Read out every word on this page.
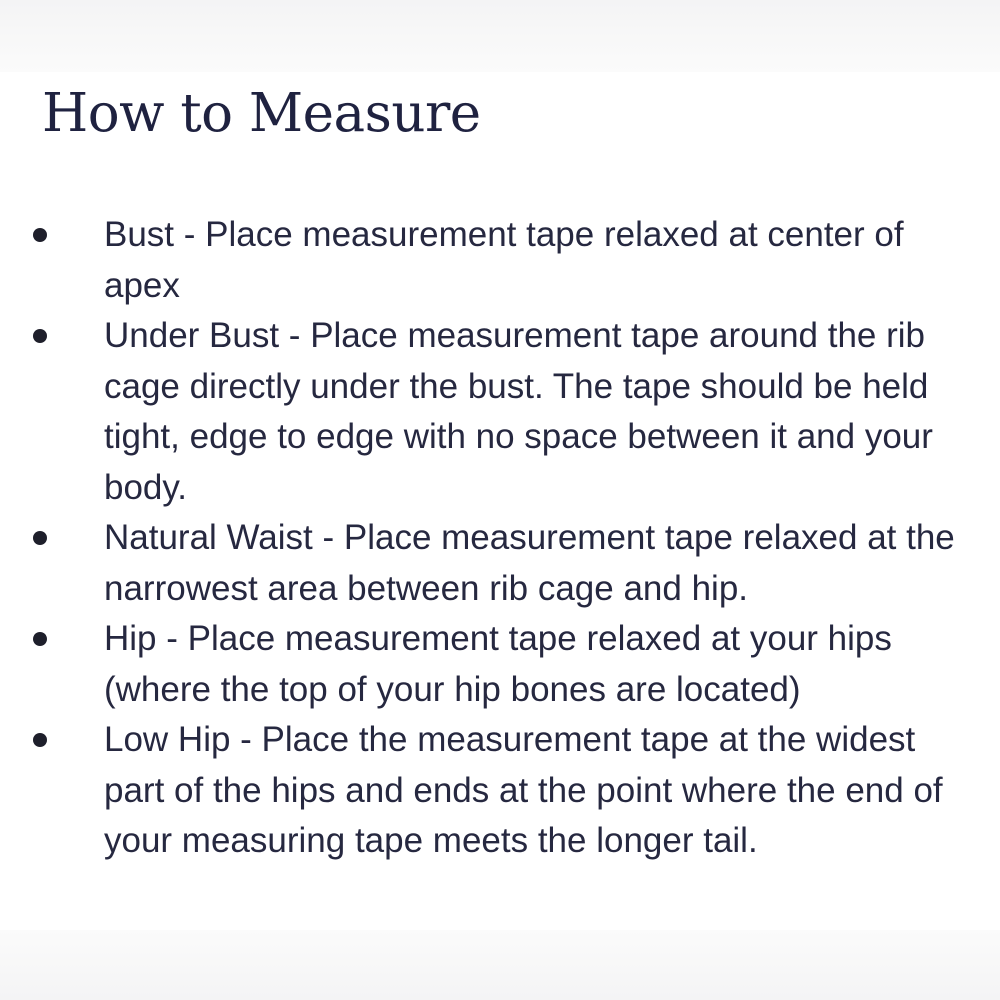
How to Measure
Bust - Place measurement tape relaxed at center of apex
Under Bust - Place measurement tape around the rib cage directly under the bust. The tape should be held tight, edge to edge with no space between it and your body.
Natural Waist - Place measurement tape relaxed at the narrowest area between rib cage and hip.
Hip - Place measurement tape relaxed at your hips (where the top of your hip bones are located)
Low Hip - Place the measurement tape at the widest part of the hips and ends at the point where the end of your measuring tape meets the longer tail.
